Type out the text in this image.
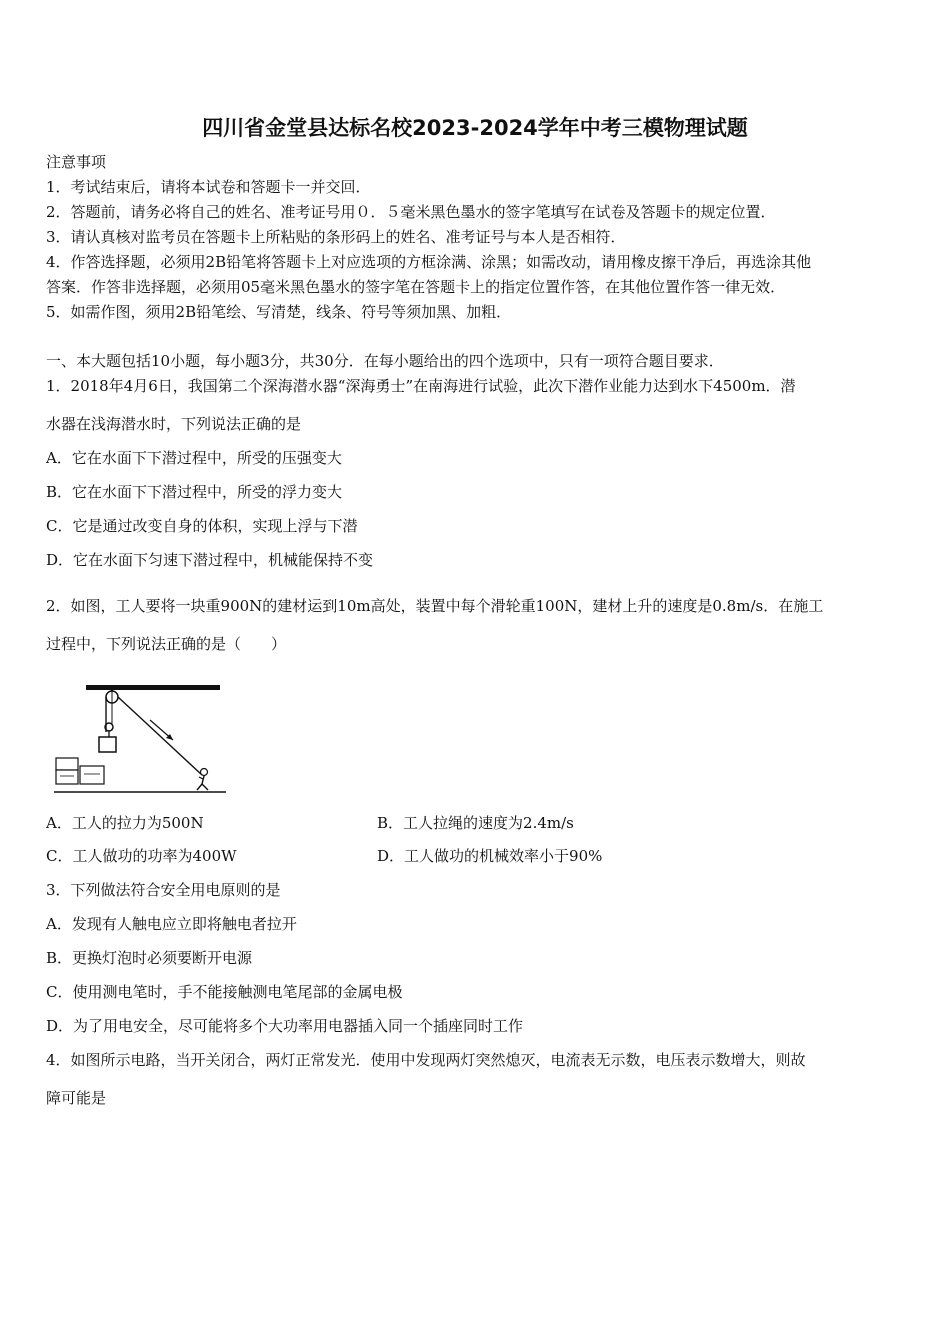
四川省金堂县达标名校2023-2024学年中考三模物理试题
注意事项
1．考试结束后，请将本试卷和答题卡一并交回．
2．答题前，请务必将自己的姓名、准考证号用０．５毫米黑色墨水的签字笔填写在试卷及答题卡的规定位置．
3．请认真核对监考员在答题卡上所粘贴的条形码上的姓名、准考证号与本人是否相符．
4．作答选择题，必须用2B铅笔将答题卡上对应选项的方框涂满、涂黑；如需改动，请用橡皮擦干净后，再选涂其他
答案．作答非选择题，必须用05毫米黑色墨水的签字笔在答题卡上的指定位置作答，在其他位置作答一律无效．
5．如需作图，须用2B铅笔绘、写清楚，线条、符号等须加黑、加粗．
一、本大题包括10小题，每小题3分，共30分．在每小题给出的四个选项中，只有一项符合题目要求．
1．2018年4月6日，我国第二个深海潜水器“深海勇士”在南海进行试验，此次下潜作业能力达到水下4500m．潜
水器在浅海潜水时，下列说法正确的是
A．它在水面下下潜过程中，所受的压强变大
B．它在水面下下潜过程中，所受的浮力变大
C．它是通过改变自身的体积，实现上浮与下潜
D．它在水面下匀速下潜过程中，机械能保持不变
2．如图，工人要将一块重900N的建材运到10m高处，装置中每个滑轮重100N，建材上升的速度是0.8m/s．在施工
过程中，下列说法正确的是（　　）
A．工人的拉力为500N	B．工人拉绳的速度为2.4m/s
C．工人做功的功率为400W	D．工人做功的机械效率小于90%
3．下列做法符合安全用电原则的是
A．发现有人触电应立即将触电者拉开
B．更换灯泡时必须要断开电源
C．使用测电笔时，手不能接触测电笔尾部的金属电极
D．为了用电安全，尽可能将多个大功率用电器插入同一个插座同时工作
4．如图所示电路，当开关闭合，两灯正常发光．使用中发现两灯突然熄灭，电流表无示数，电压表示数增大，则故
障可能是
